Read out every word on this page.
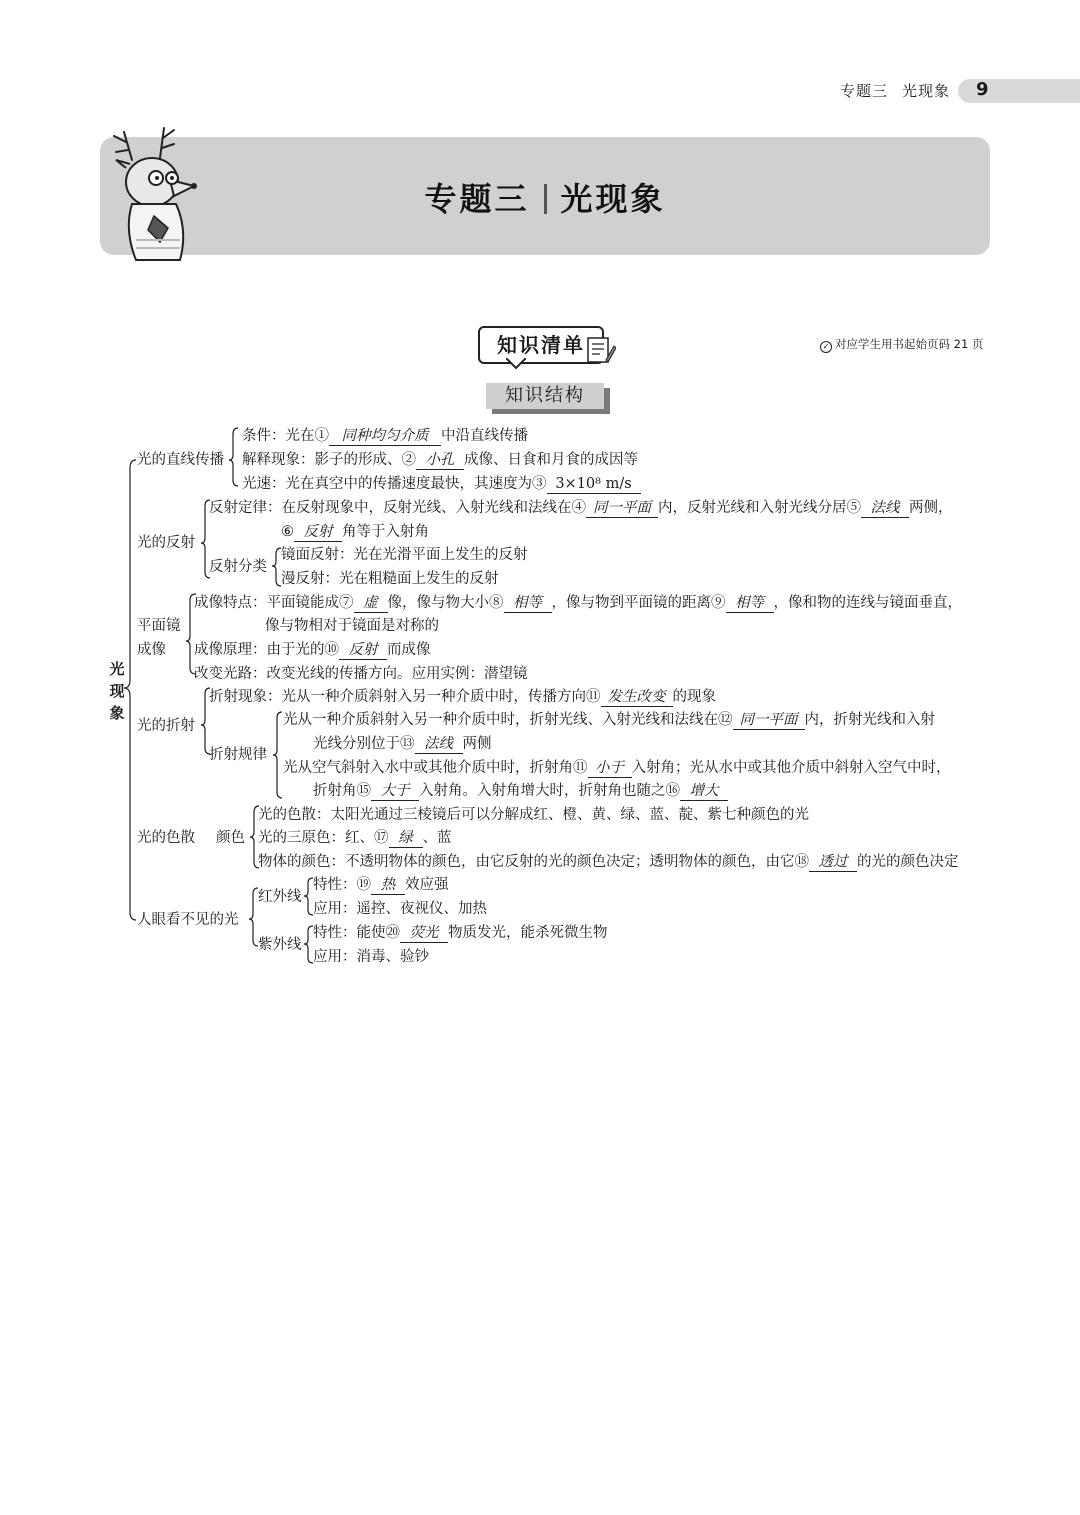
专题三 光现象	9
专题三 光现象
知识清单	✓ 对应学生用书起始页码 21 页
知识结构
光
现
象
光的直线传播
条件：光在① 同种均匀介质 中沿直线传播
解释现象：影子的形成、② 小孔 成像、日食和月食的成因等
光速：光在真空中的传播速度最快，其速度为③ 3×10⁸ m/s
光的反射
反射定律：在反射现象中，反射光线、入射光线和法线在④ 同一平面 内，反射光线和入射光线分居⑤ 法线 两侧，
⑥ 反射 角等于入射角
反射分类
镜面反射：光在光滑平面上发生的反射
漫反射：光在粗糙面上发生的反射
平面镜
成像
成像特点：平面镜能成⑦ 虚 像，像与物大小⑧ 相等 ，像与物到平面镜的距离⑨ 相等 ，像和物的连线与镜面垂直，
像与物相对于镜面是对称的
成像原理：由于光的⑩ 反射 而成像
改变光路：改变光线的传播方向。应用实例：潜望镜
光的折射
折射现象：光从一种介质斜射入另一种介质中时，传播方向⑪ 发生改变 的现象
折射规律
光从一种介质斜射入另一种介质中时，折射光线、入射光线和法线在⑫ 同一平面 内，折射光线和入射
光线分别位于⑬ 法线 两侧
光从空气斜射入水中或其他介质中时，折射角⑪ 小于 入射角；光从水中或其他介质中斜射入空气中时，
折射角⑮ 大于 入射角。入射角增大时，折射角也随之⑯ 增大
光的色散 颜色
光的色散：太阳光通过三棱镜后可以分解成红、橙、黄、绿、蓝、靛、紫七种颜色的光
光的三原色：红、⑰ 绿 、蓝
物体的颜色：不透明物体的颜色，由它反射的光的颜色决定；透明物体的颜色，由它⑱ 透过 的光的颜色决定
人眼看不见的光
红外线
特性：⑲ 热 效应强
应用：遥控、夜视仪、加热
紫外线
特性：能使⑳ 荧光 物质发光，能杀死微生物
应用：消毒、验钞
